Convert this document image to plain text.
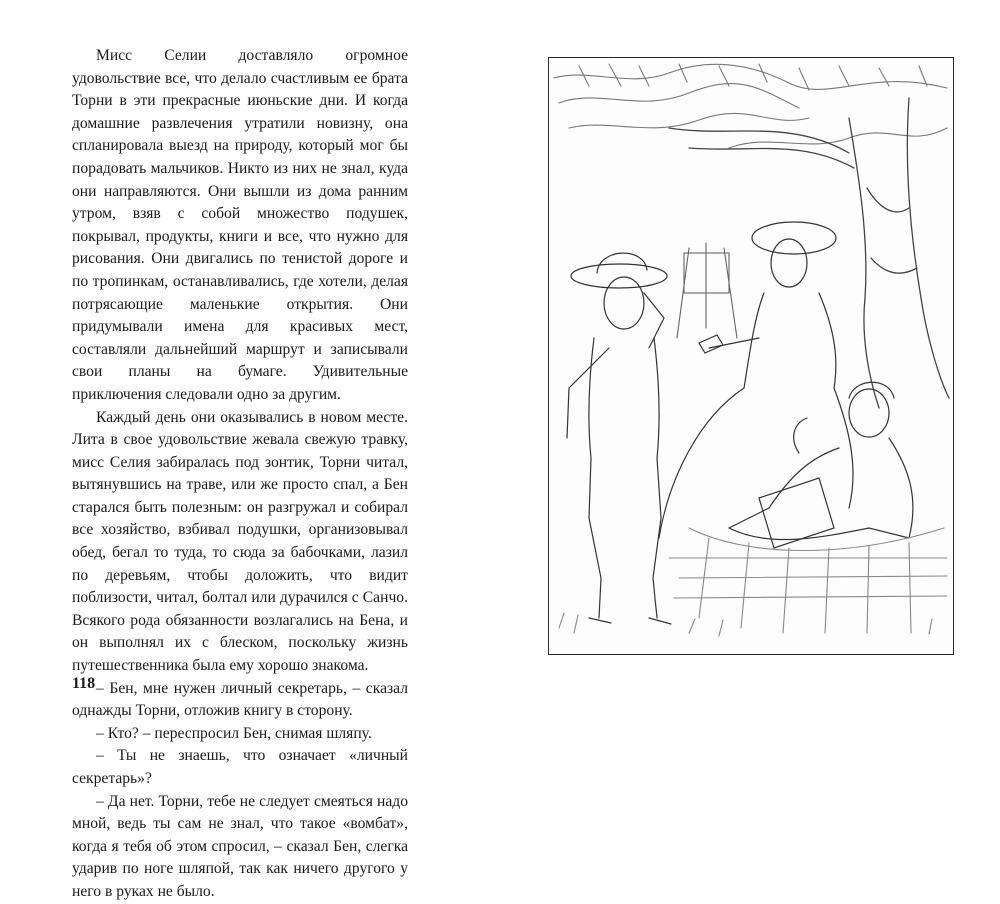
Мисс Селии доставляло огромное удовольствие все, что делало счастливым ее брата Торни в эти прекрасные июньские дни. И когда домашние развлечения утратили новизну, она спланировала выезд на природу, который мог бы порадовать мальчиков. Никто из них не знал, куда они направляются. Они вышли из дома ранним утром, взяв с собой множество подушек, покрывал, продукты, книги и все, что нужно для рисования. Они двигались по тенистой дороге и по тропинкам, останавливались, где хотели, делая потрясающие маленькие открытия. Они придумывали имена для красивых мест, составляли дальнейший маршрут и записывали свои планы на бумаге. Удивительные приключения следовали одно за другим.

Каждый день они оказывались в новом месте. Лита в свое удовольствие жевала свежую травку, мисс Селия забиралась под зонтик, Торни читал, вытянувшись на траве, или же просто спал, а Бен старался быть полезным: он разгружал и собирал все хозяйство, взбивал подушки, организовывал обед, бегал то туда, то сюда за бабочками, лазил по деревьям, чтобы доложить, что видит поблизости, читал, болтал или дурачился с Санчо. Всякого рода обязанности возлагались на Бена, и он выполнял их с блеском, поскольку жизнь путешественника была ему хорошо знакома.

– Бен, мне нужен личный секретарь, – сказал однажды Торни, отложив книгу в сторону.

– Кто? – переспросил Бен, снимая шляпу.

– Ты не знаешь, что означает «личный секретарь»?

– Да нет. Торни, тебе не следует смеяться надо мной, ведь ты сам не знал, что такое «вомбат», когда я тебя об этом спросил, – сказал Бен, слегка ударив по ноге шляпой, так как ничего другого у него в руках не было.

118
